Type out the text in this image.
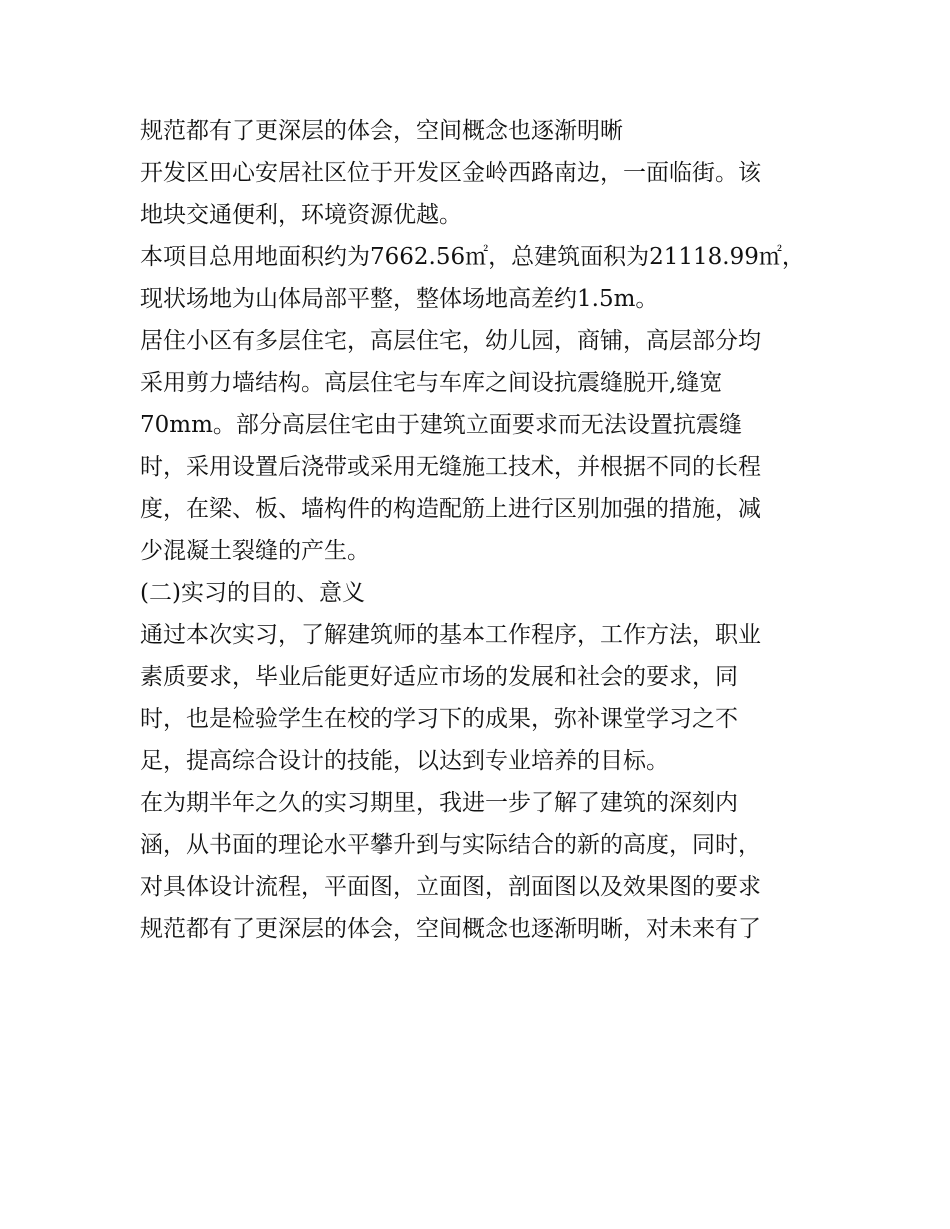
规范都有了更深层的体会，空间概念也逐渐明晰
开发区田心安居社区位于开发区金岭西路南边，一面临街。该
地块交通便利，环境资源优越。
本项目总用地面积约为7662.56㎡，总建筑面积为21118.99㎡，
现状场地为山体局部平整，整体场地高差约1.5m。
居住小区有多层住宅，高层住宅，幼儿园，商铺，高层部分均
采用剪力墙结构。高层住宅与车库之间设抗震缝脱开,缝宽
70mm。部分高层住宅由于建筑立面要求而无法设置抗震缝
时，采用设置后浇带或采用无缝施工技术，并根据不同的长程
度，在梁、板、墙构件的构造配筋上进行区别加强的措施，减
少混凝土裂缝的产生。
(二)实习的目的、意义
通过本次实习，了解建筑师的基本工作程序，工作方法，职业
素质要求，毕业后能更好适应市场的发展和社会的要求，同
时，也是检验学生在校的学习下的成果，弥补课堂学习之不
足，提高综合设计的技能，以达到专业培养的目标。
在为期半年之久的实习期里，我进一步了解了建筑的深刻内
涵，从书面的理论水平攀升到与实际结合的新的高度，同时，
对具体设计流程，平面图，立面图，剖面图以及效果图的要求
规范都有了更深层的体会，空间概念也逐渐明晰，对未来有了
